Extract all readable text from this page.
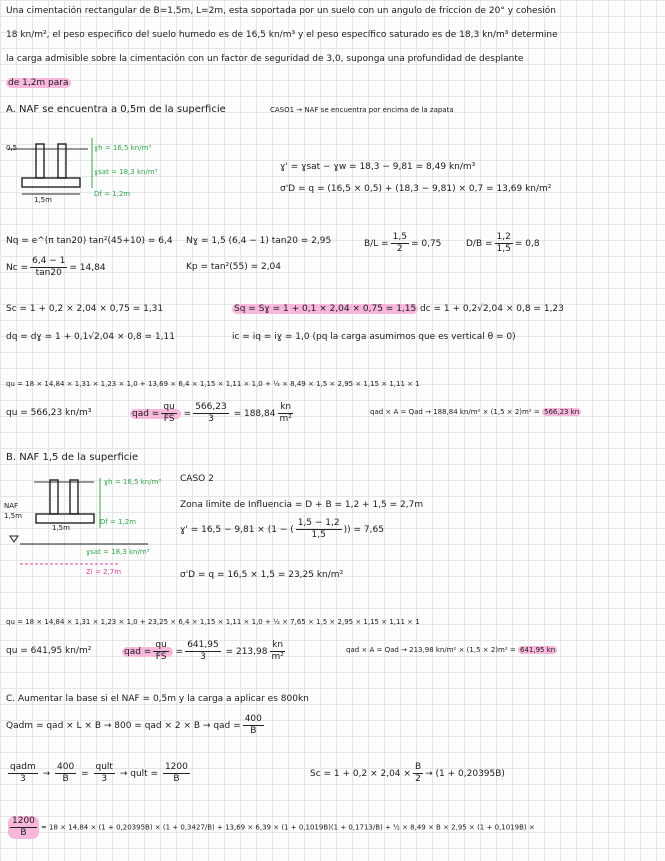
Una cimentación rectangular de B=1,5m, L=2m, esta soportada por un suelo con un angulo de friccion de 20° y cohesión
18 kn/m², el peso especifico del suelo humedo es de 16,5 kn/m³ y el peso específico saturado es de 18,3 kn/m³ determine
la carga admisible sobre la cimentación con un factor de seguridad de 3,0, suponga una profundidad de desplante
de 1,2m para
A. NAF se encuentra a 0,5m de la superficie	CASO1 → NAF se encuentra por encima de la zapata
0,5	ɣh = 16,5 kn/m³
ɣsat = 18,3 kn/m³
Df = 1,2m
1,5m
ɣ' = ɣsat − ɣw = 18,3 − 9,81 = 8,49 kn/m³
σ'D = q = (16,5 × 0,5) + (18,3 − 9,81) × 0,7 = 13,69 kn/m²
Nq = e^(π tan20) tan²(45+10) = 6,4 Nɣ = 1,5 (6,4 − 1) tan20 = 2,95	$B/L = \frac{1,5}{2} = 0,75$	$D/B = \frac{1,2}{1,5} = 0,8$
$Nc = \frac{6,4 - 1}{\tan 20} = 14,84$	Kp = tan²(55) = 2,04
Sc = 1 + 0,2 × 2,04 × 0,75 = 1,31	Sq = Sɣ = 1 + 0,1 × 2,04 × 0,75 = 1,15 dc = 1 + 0,2√2,04 × 0,8 = 1,23
dq = dɣ = 1 + 0,1√2,04 × 0,8 = 1,11	ic = iq = iɣ = 1,0 (pq la carga asumimos que es vertical θ = 0)
qu = 18 × 14,84 × 1,31 × 1,23 × 1,0 + 13,69 × 6,4 × 1,15 × 1,11 × 1,0 + ½ × 8,49 × 1,5 × 2,95 × 1,15 × 1,11 × 1
qu = 566,23 kn/m³	qad = $\frac{qu}{FS} = \frac{566,23}{3} = 188,84 \frac{kn}{\text{m²}}$	qad × A = Qad → 188,84 kn/m² × (1,5 × 2)m² = 566,23 kn
B. NAF 1,5 de la superficie
CASO 2
NAF
1,5m
ɣh = 16,5 kn/m³
Df = 1,2m
1,5m
ɣsat = 18,3 kn/m³
Zi = 2,7m
Zona limite de Influencia = D + B = 1,2 + 1,5 = 2,7m
ɣ' = 16,5 − 9,81 × (1 − ( $\frac{1,5 - 1,2}{1,5}$ )) = 7,65
σ'D = q = 16,5 × 1,5 = 23,25 kn/m²
qu = 18 × 14,84 × 1,31 × 1,23 × 1,0 + 23,25 × 6,4 × 1,15 × 1,11 × 1,0 + ½ × 7,65 × 1,5 × 2,95 × 1,15 × 1,11 × 1
qu = 641,95 kn/m²	qad = $\frac{qu}{FS} = \frac{641,95}{3} = 213,98 \frac{kn}{\text{m²}}$	qad × A = Qad → 213,98 kn/m² × (1,5 × 2)m² = 641,95 kn
C. Aumentar la base si el NAF = 0,5m y la carga a aplicar es 800kn
Qadm = qad × L × B → 800 = qad × 2 × B → qad = $\frac{400}{B}$
$\frac{\text{qadm}}{3} \to \frac{400}{B} = \frac{\text{qult}}{3}$ → qult = $\frac{1200}{B}$	$Sc = 1 + 0,2 \times 2,04 \times \frac{B}{2} \to (1 + 0,20395B)$
$\frac{1200}{B} = 18 \times 14,84 \times (1 + 0,20395B) \times (1 + 0,3427/B) + 13,69 \times 6,39 \times (1 + 0,1019B)(1 + 0,1713/B)$ + ½ × 8,49 × B × 2,95 × (1 + 0,1019B) ×
